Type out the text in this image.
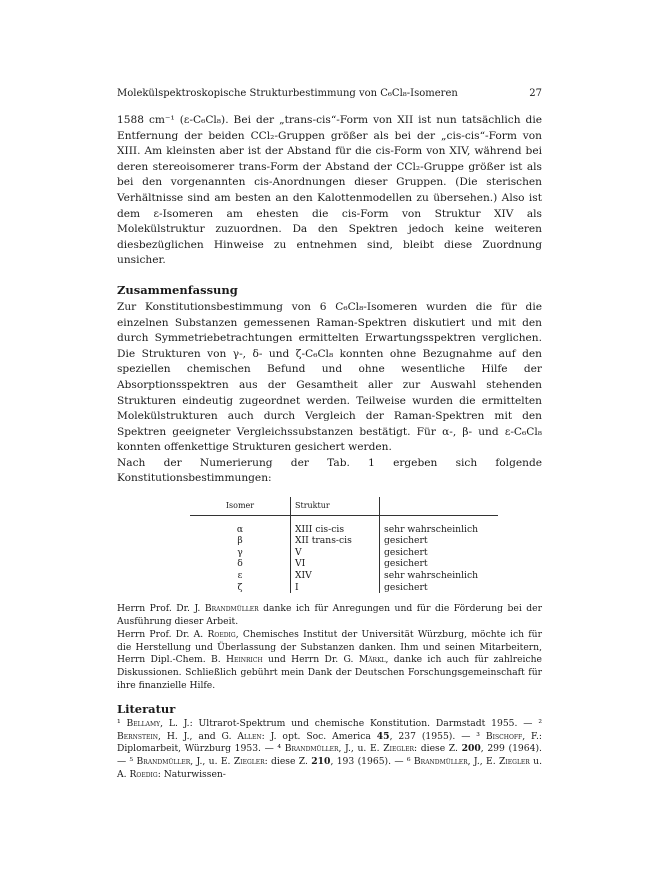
Molekülspektroskopische Strukturbestimmung von C₆Cl₈-Isomeren	27

1588 cm⁻¹ (ε-C₆Cl₈). Bei der „trans-cis“-Form von XII ist nun tatsächlich die Entfernung der beiden CCl₂-Gruppen größer als bei der „cis-cis“-Form von XIII. Am kleinsten aber ist der Abstand für die cis-Form von XIV, während bei deren stereoisomerer trans-Form der Abstand der CCl₂-Gruppe größer ist als bei den vorgenannten cis-Anordnungen dieser Gruppen. (Die sterischen Verhältnisse sind am besten an den Kalottenmodellen zu übersehen.) Also ist dem ε-Isomeren am ehesten die cis-Form von Struktur XIV als Molekülstruktur zuzuordnen. Da den Spektren jedoch keine weiteren diesbezüglichen Hinweise zu entnehmen sind, bleibt diese Zuordnung unsicher.

Zusammenfassung

Zur Konstitutionsbestimmung von 6 C₆Cl₈-Isomeren wurden die für die einzelnen Substanzen gemessenen Raman-Spektren diskutiert und mit den durch Symmetriebetrachtungen ermittelten Erwartungsspektren verglichen. Die Strukturen von γ-, δ- und ζ-C₆Cl₈ konnten ohne Bezugnahme auf den speziellen chemischen Befund und ohne wesentliche Hilfe der Absorptionsspektren aus der Gesamtheit aller zur Auswahl stehenden Strukturen eindeutig zugeordnet werden. Teilweise wurden die ermittelten Molekülstrukturen auch durch Vergleich der Raman-Spektren mit den Spektren geeigneter Vergleichssubstanzen bestätigt. Für α-, β- und ε-C₆Cl₈ konnten offenkettige Strukturen gesichert werden.

Nach der Numerierung der Tab. 1 ergeben sich folgende Konstitutionsbestimmungen:

Isomer	Struktur	

α	XIII cis-cis	sehr wahrscheinlich
β	XII trans-cis	gesichert
γ	V	gesichert
δ	VI	gesichert
ε	XIV	sehr wahrscheinlich
ζ	I	gesichert

Herrn Prof. Dr. J. Brandmüller danke ich für Anregungen und für die Förderung bei der Ausführung dieser Arbeit.

Herrn Prof. Dr. A. Roedig, Chemisches Institut der Universität Würzburg, möchte ich für die Herstellung und Überlassung der Substanzen danken. Ihm und seinen Mitarbeitern, Herrn Dipl.-Chem. B. Heinrich und Herrn Dr. G. Märkl, danke ich auch für zahlreiche Diskussionen. Schließlich gebührt mein Dank der Deutschen Forschungsgemeinschaft für ihre finanzielle Hilfe.

Literatur

¹ Bellamy, L. J.: Ultrarot-Spektrum und chemische Konstitution. Darmstadt 1955. — ² Bernstein, H. J., and G. Allen: J. opt. Soc. America 45, 237 (1955). — ³ Bischoff, F.: Diplomarbeit, Würzburg 1953. — ⁴ Brandmüller, J., u. E. Ziegler: diese Z. 200, 299 (1964). — ⁵ Brandmüller, J., u. E. Ziegler: diese Z. 210, 193 (1965). — ⁶ Brandmüller, J., E. Ziegler u. A. Roedig: Naturwissen-
